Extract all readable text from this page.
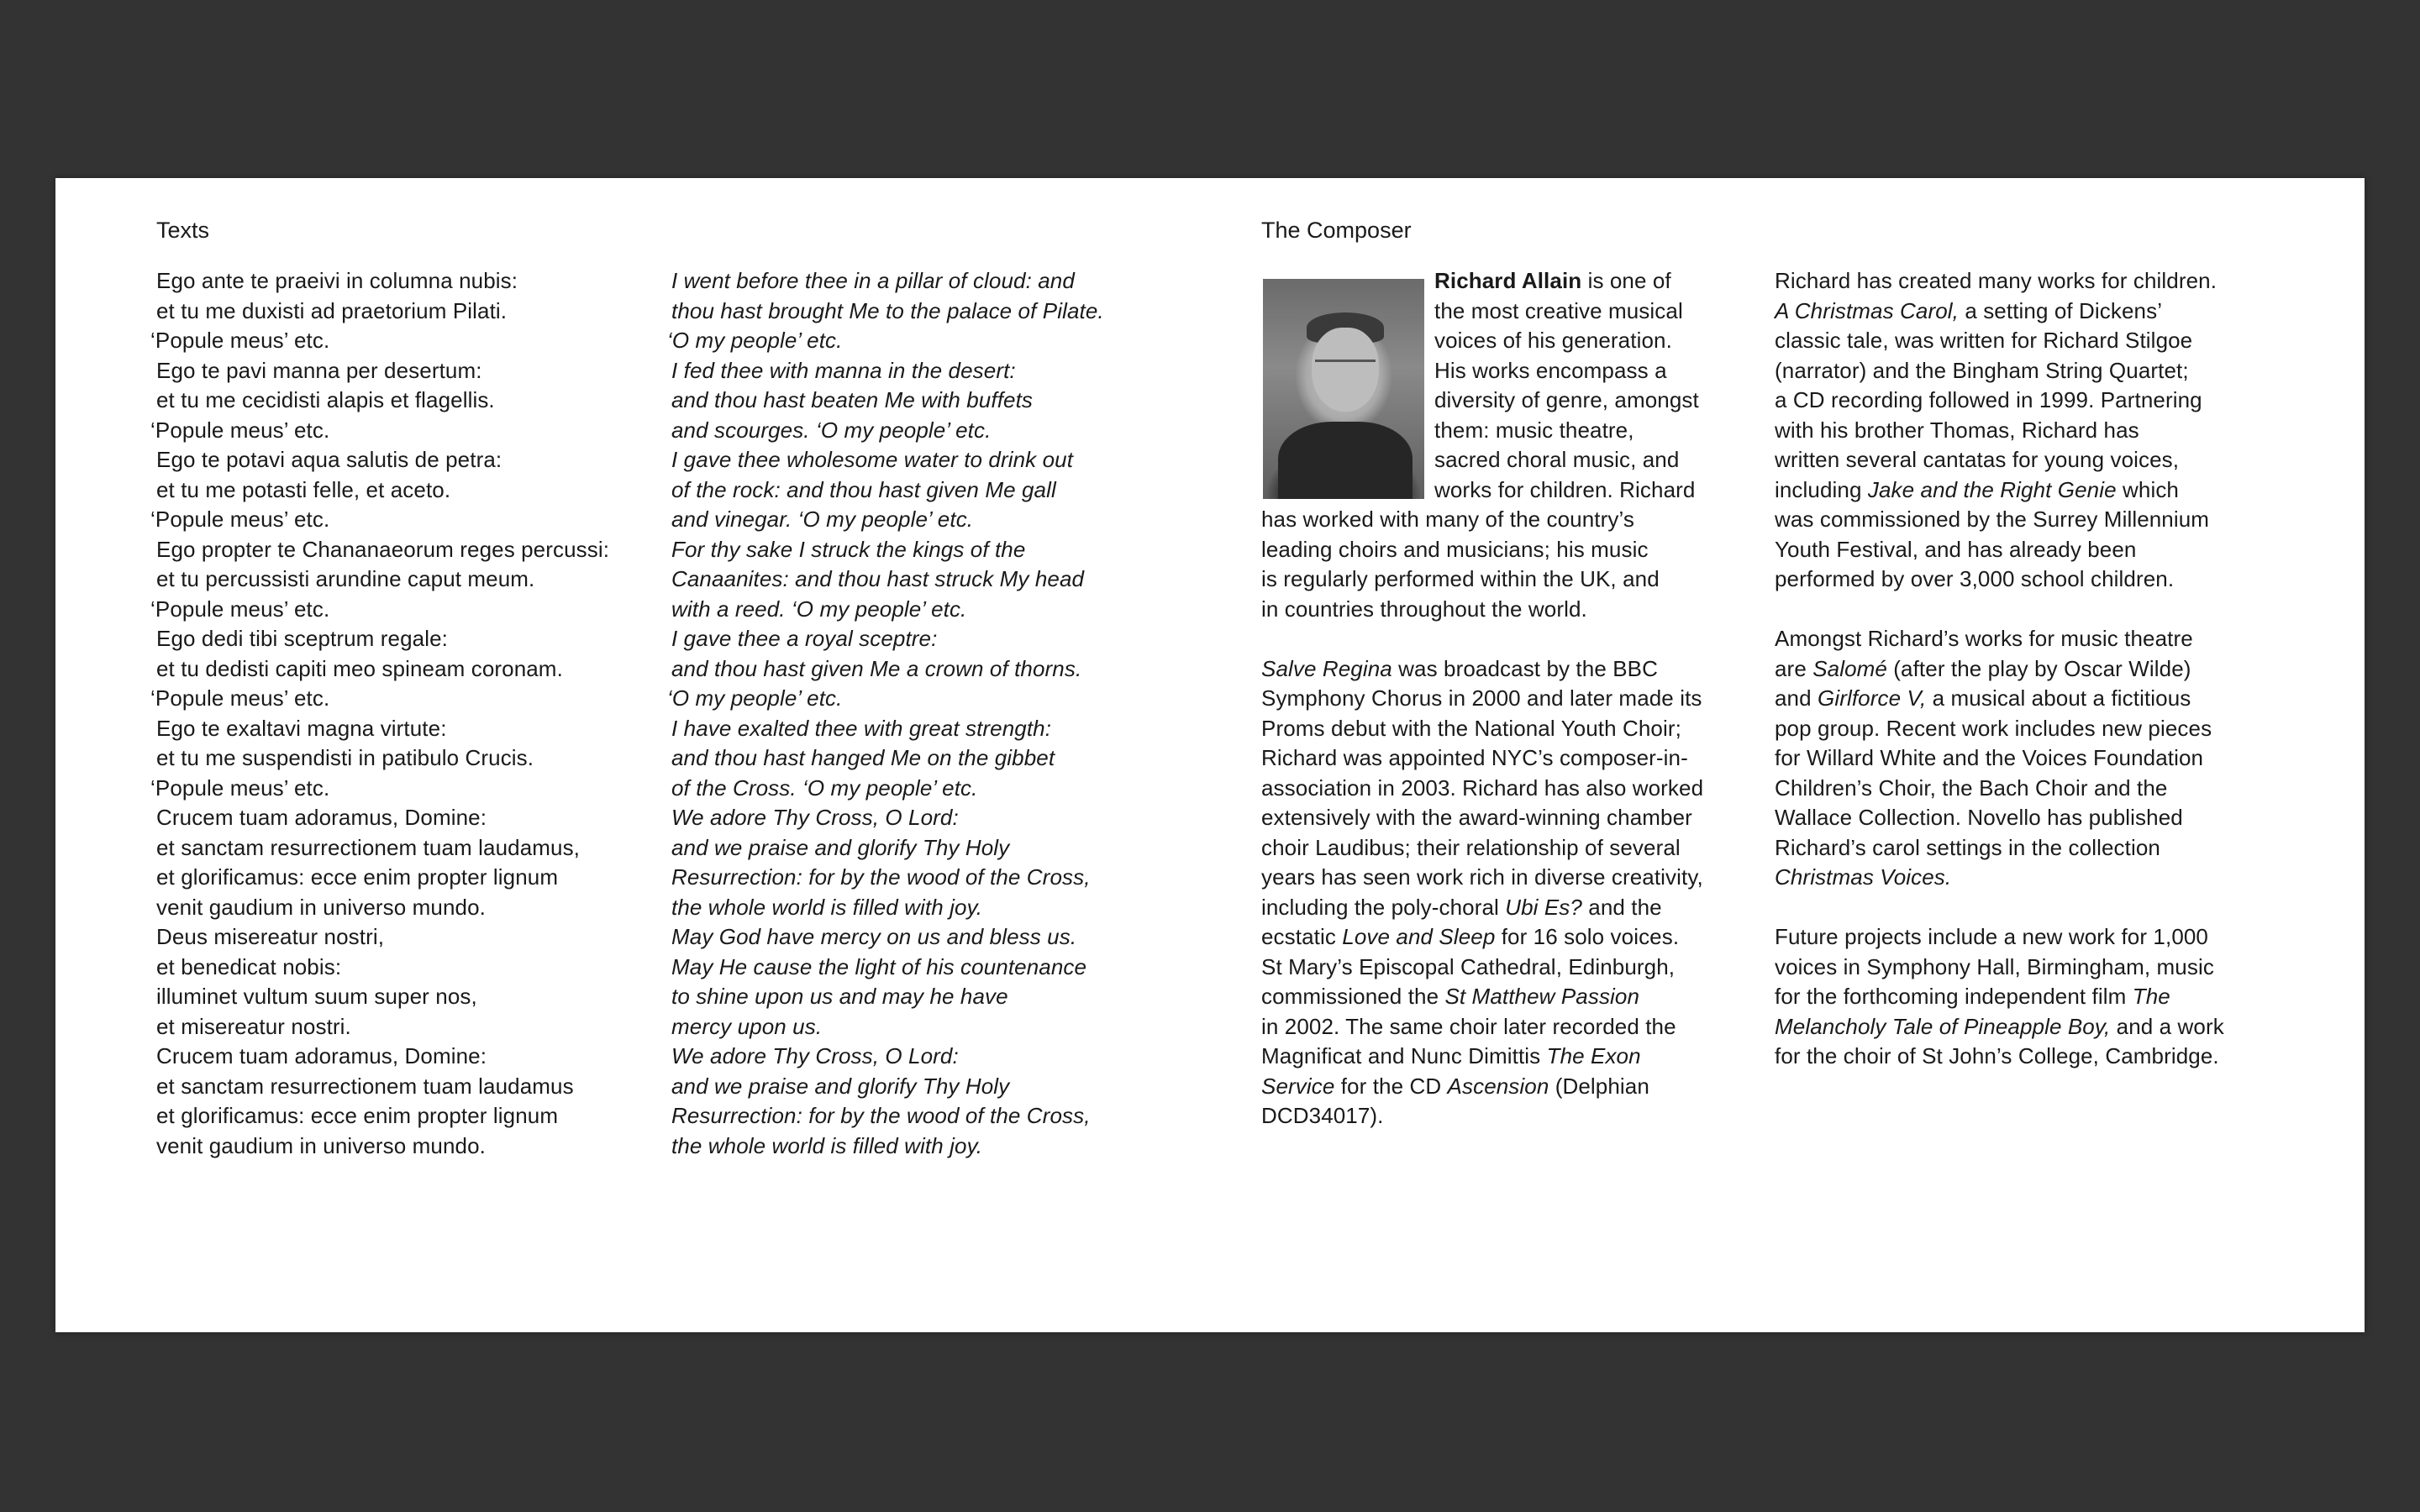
Texts
Ego ante te praeivi in columna nubis:
et tu me duxisti ad praetorium Pilati.
‘Populе meus’ etc.
Ego te pavi manna per desertum:
et tu me cecidisti alapis et flagellis.
‘Populе meus’ etc.
Ego te potavi aqua salutis de petra:
et tu me potasti felle, et aceto.
‘Populе meus’ etc.
Ego propter te Chananaeorum reges percussi:
et tu percussisti arundine caput meum.
‘Populе meus’ etc.
Ego dedi tibi sceptrum regale:
et tu dedisti capiti meo spineam coronam.
‘Populе meus’ etc.
Ego te exaltavi magna virtute:
et tu me suspendisti in patibulo Crucis.
‘Populе meus’ etc.
Crucem tuam adoramus, Domine:
et sanctam resurrectionem tuam laudamus,
et glorificamus: ecce enim propter lignum
venit gaudium in universo mundo.
Deus misereatur nostri,
et benedicat nobis:
illuminet vultum suum super nos,
et misereatur nostri.
Crucem tuam adoramus, Domine:
et sanctam resurrectionem tuam laudamus
et glorificamus: ecce enim propter lignum
venit gaudium in universo mundo.
I went before thee in a pillar of cloud: and
thou hast brought Me to the palace of Pilate.
‘O my people’ etc.
I fed thee with manna in the desert:
and thou hast beaten Me with buffets
and scourges. ‘O my people’ etc.
I gave thee wholesome water to drink out
of the rock: and thou hast given Me gall
and vinegar. ‘O my people’ etc.
For thy sake I struck the kings of the
Canaanites: and thou hast struck My head
with a reed. ‘O my people’ etc.
I gave thee a royal sceptre:
and thou hast given Me a crown of thorns.
‘O my people’ etc.
I have exalted thee with great strength:
and thou hast hanged Me on the gibbet
of the Cross. ‘O my people’ etc.
We adore Thy Cross, O Lord:
and we praise and glorify Thy Holy
Resurrection: for by the wood of the Cross,
the whole world is filled with joy.
May God have mercy on us and bless us.
May He cause the light of his countenance
to shine upon us and may he have
mercy upon us.
We adore Thy Cross, O Lord:
and we praise and glorify Thy Holy
Resurrection: for by the wood of the Cross,
the whole world is filled with joy.
The Composer
Richard Allain is one of
the most creative musical
voices of his generation.
His works encompass a
diversity of genre, amongst
them: music theatre,
sacred choral music, and
works for children. Richard
has worked with many of the country’s
leading choirs and musicians; his music
is regularly performed within the UK, and
in countries throughout the world.
Salve Regina was broadcast by the BBC
Symphony Chorus in 2000 and later made its
Proms debut with the National Youth Choir;
Richard was appointed NYC’s composer-in-
association in 2003. Richard has also worked
extensively with the award-winning chamber
choir Laudibus; their relationship of several
years has seen work rich in diverse creativity,
including the poly-choral Ubi Es? and the
ecstatic Love and Sleep for 16 solo voices.
St Mary’s Episcopal Cathedral, Edinburgh,
commissioned the St Matthew Passion
in 2002. The same choir later recorded the
Magnificat and Nunc Dimittis The Exon
Service for the CD Ascension (Delphian
DCD34017).
Richard has created many works for children.
A Christmas Carol, a setting of Dickens’
classic tale, was written for Richard Stilgoe
(narrator) and the Bingham String Quartet;
a CD recording followed in 1999. Partnering
with his brother Thomas, Richard has
written several cantatas for young voices,
including Jake and the Right Genie which
was commissioned by the Surrey Millennium
Youth Festival, and has already been
performed by over 3,000 school children.
Amongst Richard’s works for music theatre
are Salomé (after the play by Oscar Wilde)
and Girlforce V, a musical about a fictitious
pop group. Recent work includes new pieces
for Willard White and the Voices Foundation
Children’s Choir, the Bach Choir and the
Wallace Collection. Novello has published
Richard’s carol settings in the collection
Christmas Voices.
Future projects include a new work for 1,000
voices in Symphony Hall, Birmingham, music
for the forthcoming independent film The
Melancholy Tale of Pineapple Boy, and a work
for the choir of St John’s College, Cambridge.
